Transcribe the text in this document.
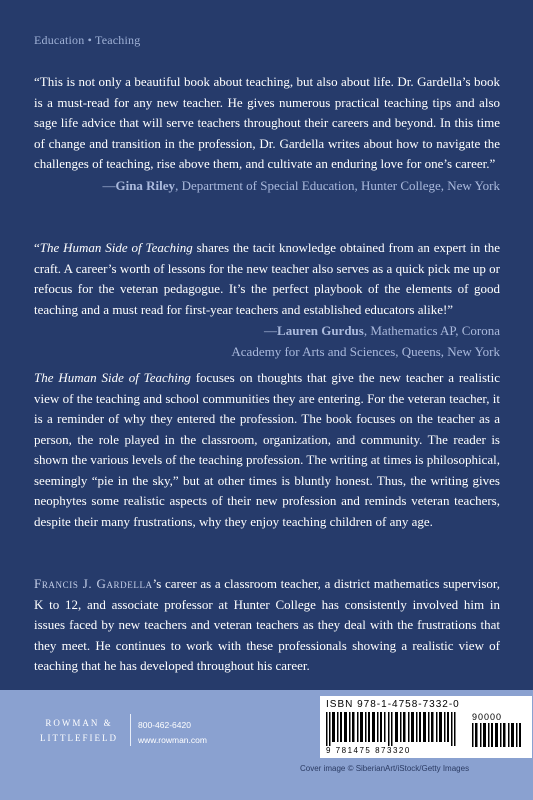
Education • Teaching
“This is not only a beautiful book about teaching, but also about life. Dr. Gardella’s book is a must-read for any new teacher. He gives numerous practical teaching tips and also sage life advice that will serve teachers throughout their careers and beyond. In this time of change and transition in the profession, Dr. Gardella writes about how to navigate the challenges of teaching, rise above them, and cultivate an enduring love for one’s career.”
—Gina Riley, Department of Special Education, Hunter College, New York
“The Human Side of Teaching shares the tacit knowledge obtained from an expert in the craft. A career’s worth of lessons for the new teacher also serves as a quick pick me up or refocus for the veteran pedagogue. It’s the perfect playbook of the elements of good teaching and a must read for first-year teachers and established educators alike!”
—Lauren Gurdus, Mathematics AP, Corona
Academy for Arts and Sciences, Queens, New York
The Human Side of Teaching focuses on thoughts that give the new teacher a realistic view of the teaching and school communities they are entering. For the veteran teacher, it is a reminder of why they entered the profession. The book focuses on the teacher as a person, the role played in the classroom, organization, and community. The reader is shown the various levels of the teaching profession. The writing at times is philosophical, seemingly “pie in the sky,” but at other times is bluntly honest. Thus, the writing gives neophytes some realistic aspects of their new profession and reminds veteran teachers, despite their many frustrations, why they enjoy teaching children of any age.
Francis J. Gardella’s career as a classroom teacher, a district mathematics supervisor, K to 12, and associate professor at Hunter College has consistently involved him in issues faced by new teachers and veteran teachers as they deal with the frustrations that they meet. He continues to work with these professionals showing a realistic view of teaching that he has developed throughout his career.
ROWMAN &
LITTLEFIELD
800-462-6420
www.rowman.com
ISBN 978-1-4758-7332-0
90000
9 781475 873320
Cover image © SiberianArt/iStock/Getty Images
